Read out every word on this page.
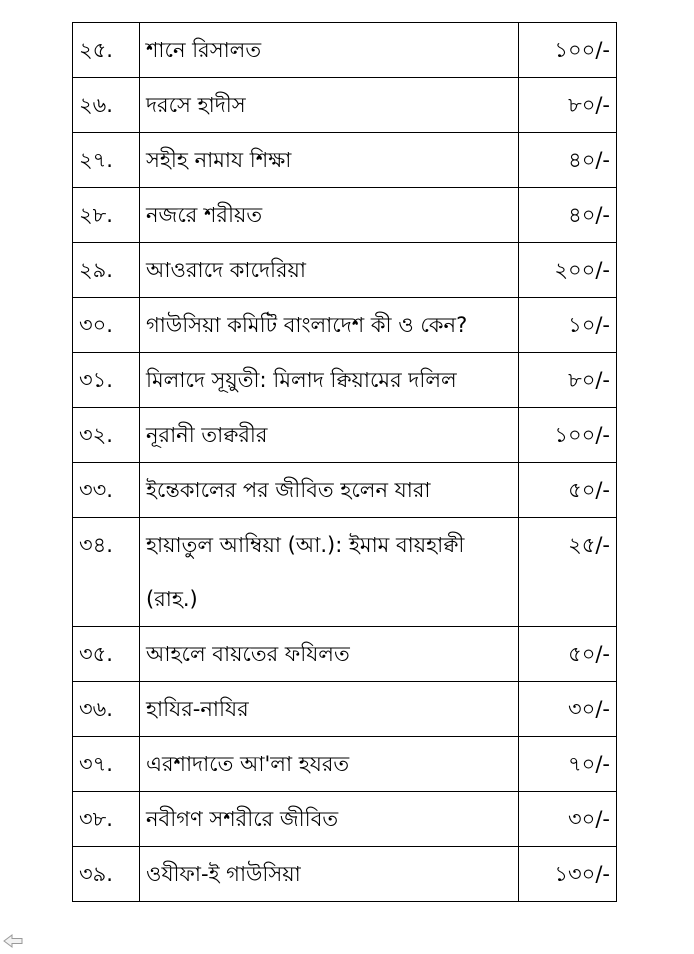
২৫.	শানে রিসালত	১০০/-
২৬.	দরসে হাদীস	৮০/-
২৭.	সহীহ নামায শিক্ষা	৪০/-
২৮.	নজরে শরীয়ত	৪০/-
২৯.	আওরাদে কাদেরিয়া	২০০/-
৩০.	গাউসিয়া কমিটি বাংলাদেশ কী ও কেন?	১০/-
৩১.	মিলাদে সূয়ুতী: মিলাদ ক্বিয়ামের দলিল	৮০/-
৩২.	নূরানী তাক্বরীর	১০০/-
৩৩.	ইন্তেকালের পর জীবিত হলেন যারা	৫০/-
৩৪.	হায়াতুল আম্বিয়া (আ.): ইমাম বায়হাক্বী (রাহ.)	২৫/-
৩৫.	আহলে বায়তের ফযিলত	৫০/-
৩৬.	হাযির-নাযির	৩০/-
৩৭.	এরশাদাতে আ'লা হযরত	৭০/-
৩৮.	নবীগণ সশরীরে জীবিত	৩০/-
৩৯.	ওযীফা-ই গাউসিয়া	১৩০/-
